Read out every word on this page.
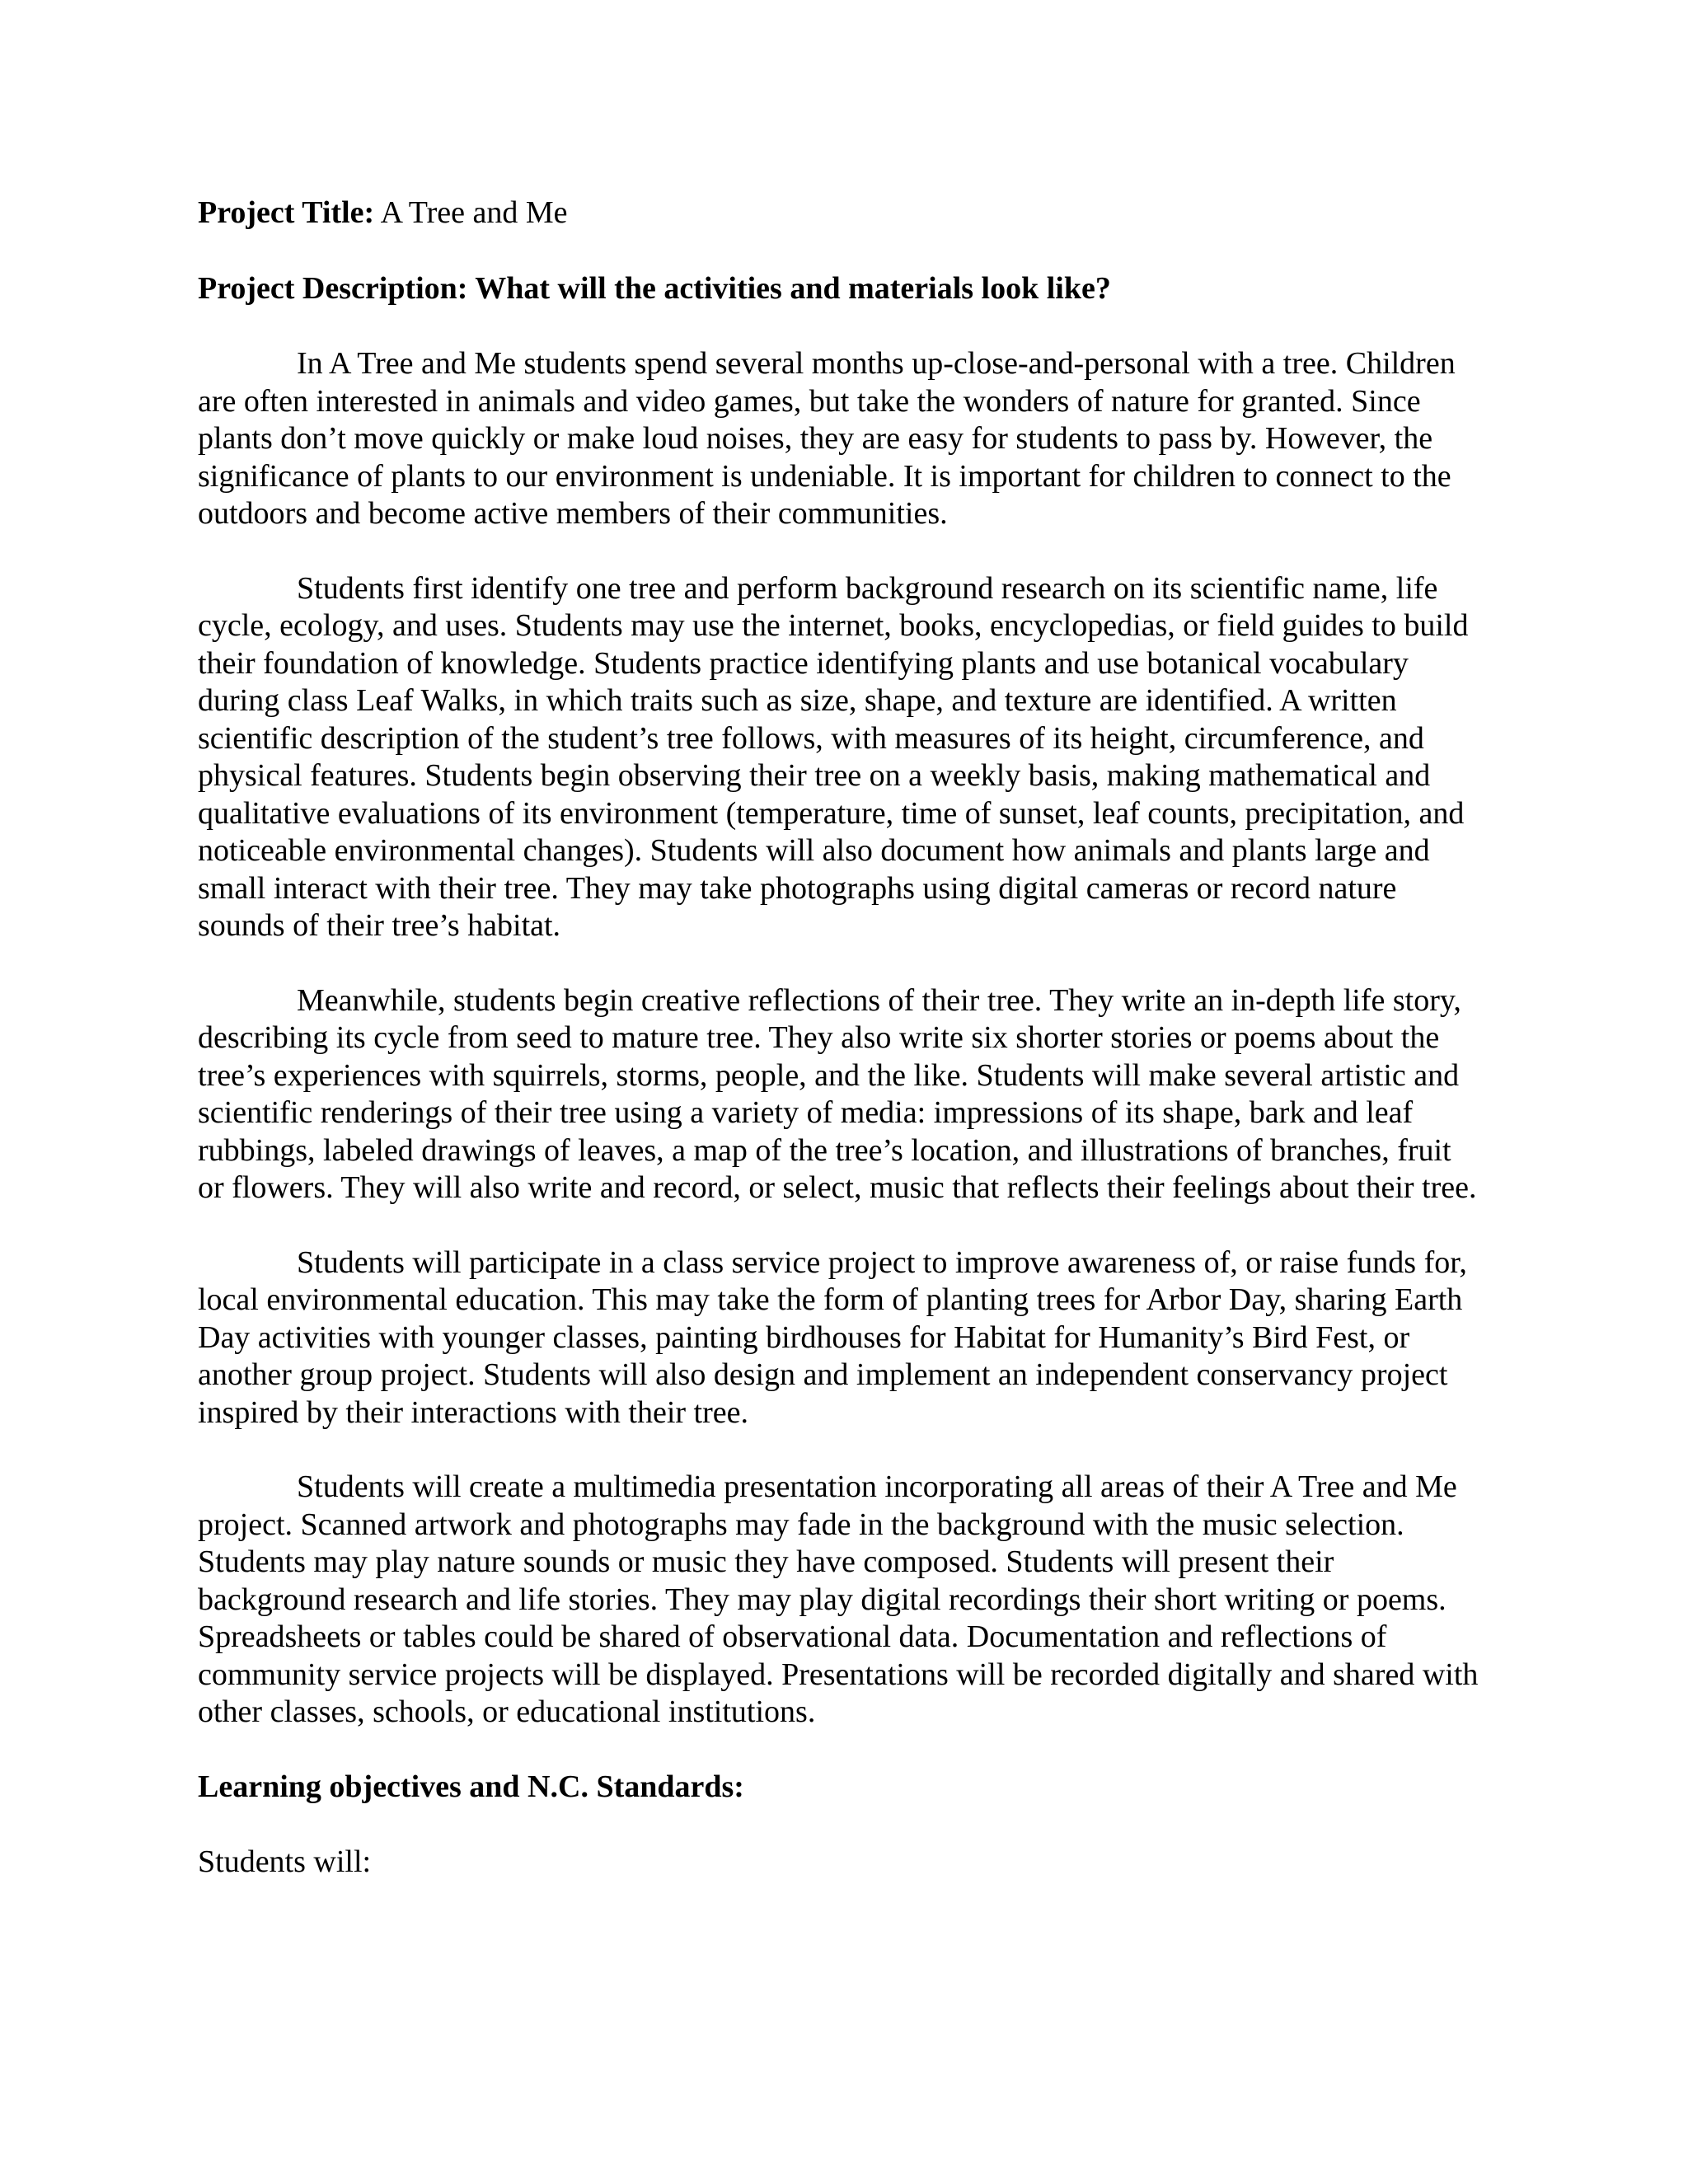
Project Title: A Tree and Me

Project Description: What will the activities and materials look like?

In A Tree and Me students spend several months up-close-and-personal with a tree. Children are often interested in animals and video games, but take the wonders of nature for granted. Since plants don’t move quickly or make loud noises, they are easy for students to pass by. However, the significance of plants to our environment is undeniable. It is important for children to connect to the outdoors and become active members of their communities.

Students first identify one tree and perform background research on its scientific name, life cycle, ecology, and uses. Students may use the internet, books, encyclopedias, or field guides to build their foundation of knowledge. Students practice identifying plants and use botanical vocabulary during class Leaf Walks, in which traits such as size, shape, and texture are identified. A written scientific description of the student’s tree follows, with measures of its height, circumference, and physical features. Students begin observing their tree on a weekly basis, making mathematical and qualitative evaluations of its environment (temperature, time of sunset, leaf counts, precipitation, and noticeable environmental changes). Students will also document how animals and plants large and small interact with their tree. They may take photographs using digital cameras or record nature sounds of their tree’s habitat.

Meanwhile, students begin creative reflections of their tree. They write an in-depth life story, describing its cycle from seed to mature tree. They also write six shorter stories or poems about the tree’s experiences with squirrels, storms, people, and the like. Students will make several artistic and scientific renderings of their tree using a variety of media: impressions of its shape, bark and leaf rubbings, labeled drawings of leaves, a map of the tree’s location, and illustrations of branches, fruit or flowers. They will also write and record, or select, music that reflects their feelings about their tree.

Students will participate in a class service project to improve awareness of, or raise funds for, local environmental education. This may take the form of planting trees for Arbor Day, sharing Earth Day activities with younger classes, painting birdhouses for Habitat for Humanity’s Bird Fest, or another group project. Students will also design and implement an independent conservancy project inspired by their interactions with their tree.

Students will create a multimedia presentation incorporating all areas of their A Tree and Me project. Scanned artwork and photographs may fade in the background with the music selection. Students may play nature sounds or music they have composed. Students will present their background research and life stories. They may play digital recordings their short writing or poems. Spreadsheets or tables could be shared of observational data. Documentation and reflections of community service projects will be displayed. Presentations will be recorded digitally and shared with other classes, schools, or educational institutions.

Learning objectives and N.C. Standards:

Students will:
